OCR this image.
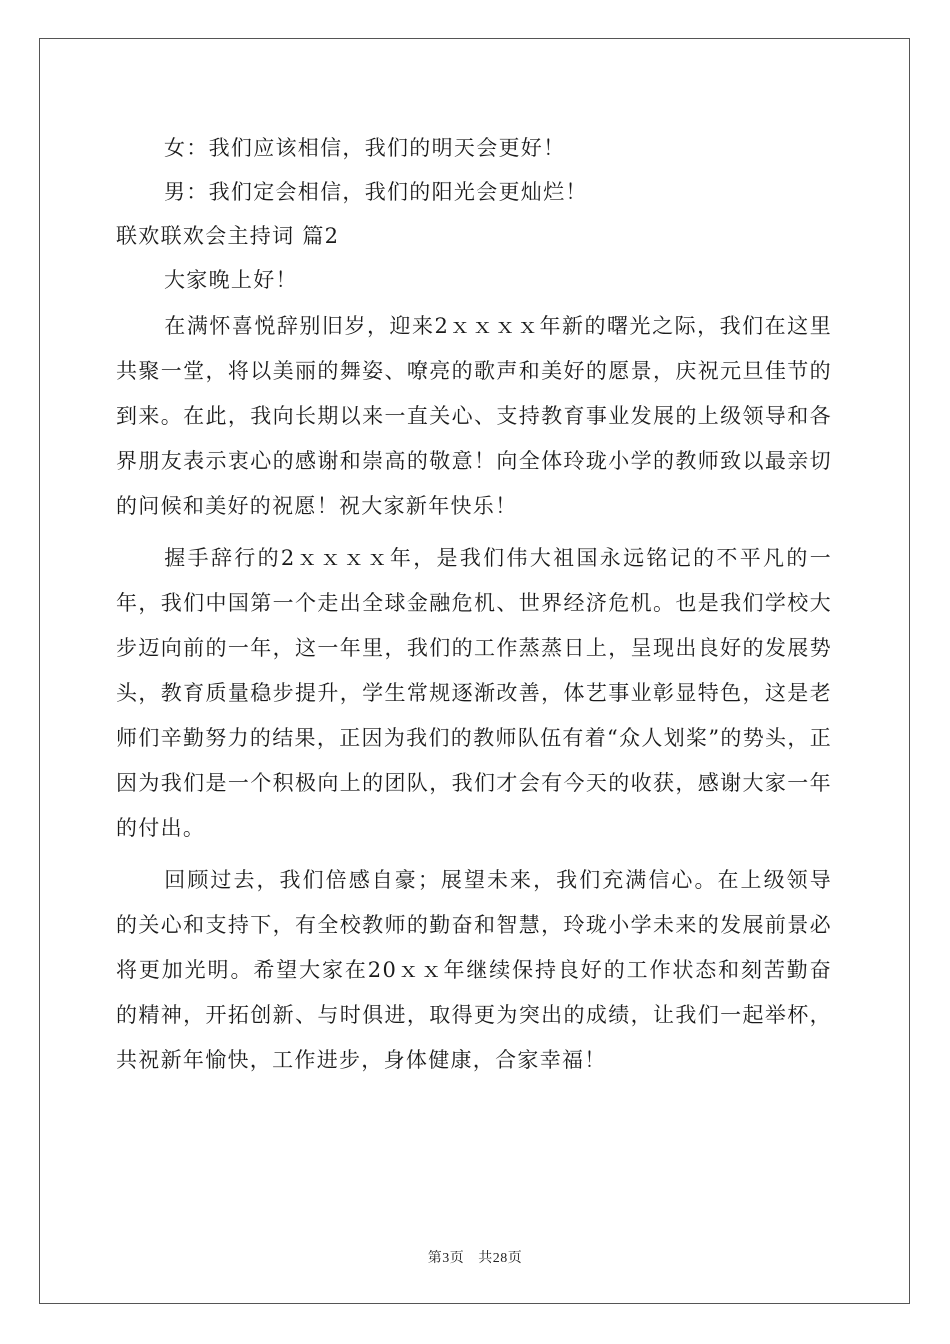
女：我们应该相信，我们的明天会更好！
男：我们定会相信，我们的阳光会更灿烂！
联欢联欢会主持词 篇2
大家晚上好！

在满怀喜悦辞别旧岁，迎来2ｘｘｘｘ年新的曙光之际，我们在这里共聚一堂，将以美丽的舞姿、嘹亮的歌声和美好的愿景，庆祝元旦佳节的到来。在此，我向长期以来一直关心、支持教育事业发展的上级领导和各界朋友表示衷心的感谢和崇高的敬意！向全体玲珑小学的教师致以最亲切的问候和美好的祝愿！祝大家新年快乐！

握手辞行的2ｘｘｘｘ年，是我们伟大祖国永远铭记的不平凡的一年，我们中国第一个走出全球金融危机、世界经济危机。也是我们学校大步迈向前的一年，这一年里，我们的工作蒸蒸日上，呈现出良好的发展势头，教育质量稳步提升，学生常规逐渐改善，体艺事业彰显特色，这是老师们辛勤努力的结果，正因为我们的教师队伍有着“众人划桨”的势头，正因为我们是一个积极向上的团队，我们才会有今天的收获，感谢大家一年的付出。

回顾过去，我们倍感自豪；展望未来，我们充满信心。在上级领导的关心和支持下，有全校教师的勤奋和智慧，玲珑小学未来的发展前景必将更加光明。希望大家在20ｘｘ年继续保持良好的工作状态和刻苦勤奋的精神，开拓创新、与时俱进，取得更为突出的成绩，让我们一起举杯，共祝新年愉快，工作进步，身体健康，合家幸福！

第3页 共28页
